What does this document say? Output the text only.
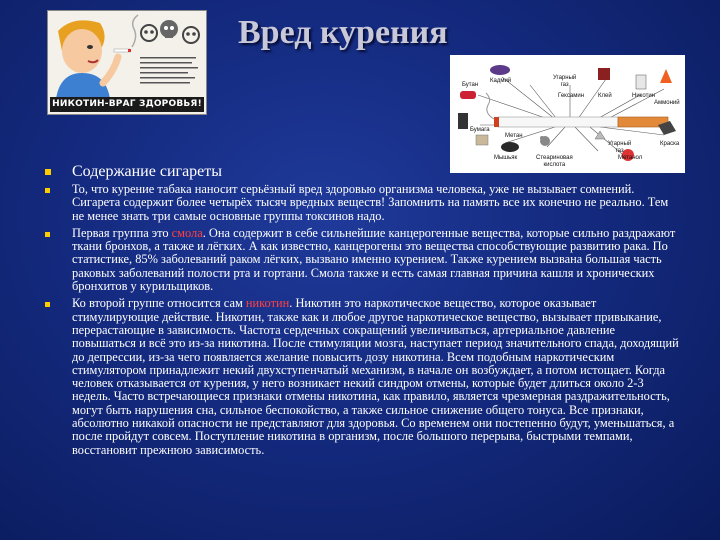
НИКОТИН-ВРАГ ЗДОРОВЬЯ!
Вред курения
Кадмий
Бутан
Угарный
газ
Гексамин Клей	Никотин
Аммоний
Бумага
Метан
Мышьяк	Стеариновая
кислота
Угарный
газ
Метанол
Краска
Содержание сигареты
То, что курение табака наносит серьёзный вред здоровью организма человека, уже не вызывает сомнений. Сигарета содержит более четырёх тысяч вредных веществ! Запомнить на память все их конечно не реально. Тем не менее знать три самые основные группы токсинов надо.
Первая группа это смола. Она содержит в себе сильнейшие канцерогенные вещества, которые сильно раздражают ткани бронхов, а также и лёгких. А как известно, канцерогены это вещества способствующие развитию рака. По статистике, 85% заболеваний раком лёгких, вызвано именно курением. Также курением вызвана большая часть раковых заболеваний полости рта и гортани. Смола также и есть самая главная причина кашля и хронических бронхитов у курильщиков.
Ко второй группе относится сам никотин. Никотин это наркотическое вещество, которое оказывает стимулирующие действие. Никотин, также как и любое другое наркотическое вещество, вызывает привыкание, перерастающие в зависимость. Частота сердечных сокращений увеличиваться, артериальное давление повышаться и всё это из-за никотина. После стимуляции мозга, наступает период значительного спада, доходящий до депрессии, из-за чего появляется желание повысить дозу никотина. Всем подобным наркотическим стимулятором принадлежит некий двухступенчатый механизм, в начале он возбуждает, а потом истощает. Когда человек отказывается от курения, у него возникает некий синдром отмены, которые будет длиться около 2-3 недель. Часто встречающиеся признаки отмены никотина, как правило, является чрезмерная раздражительность, могут быть нарушения сна, сильное беспокойство, а также сильное снижение общего тонуса. Все признаки, абсолютно никакой опасности не представляют для здоровья. Со временем они постепенно будут, уменьшаться, а после пройдут совсем. Поступление никотина в организм, после большого перерыва, быстрыми темпами, восстановит прежнюю зависимость.
